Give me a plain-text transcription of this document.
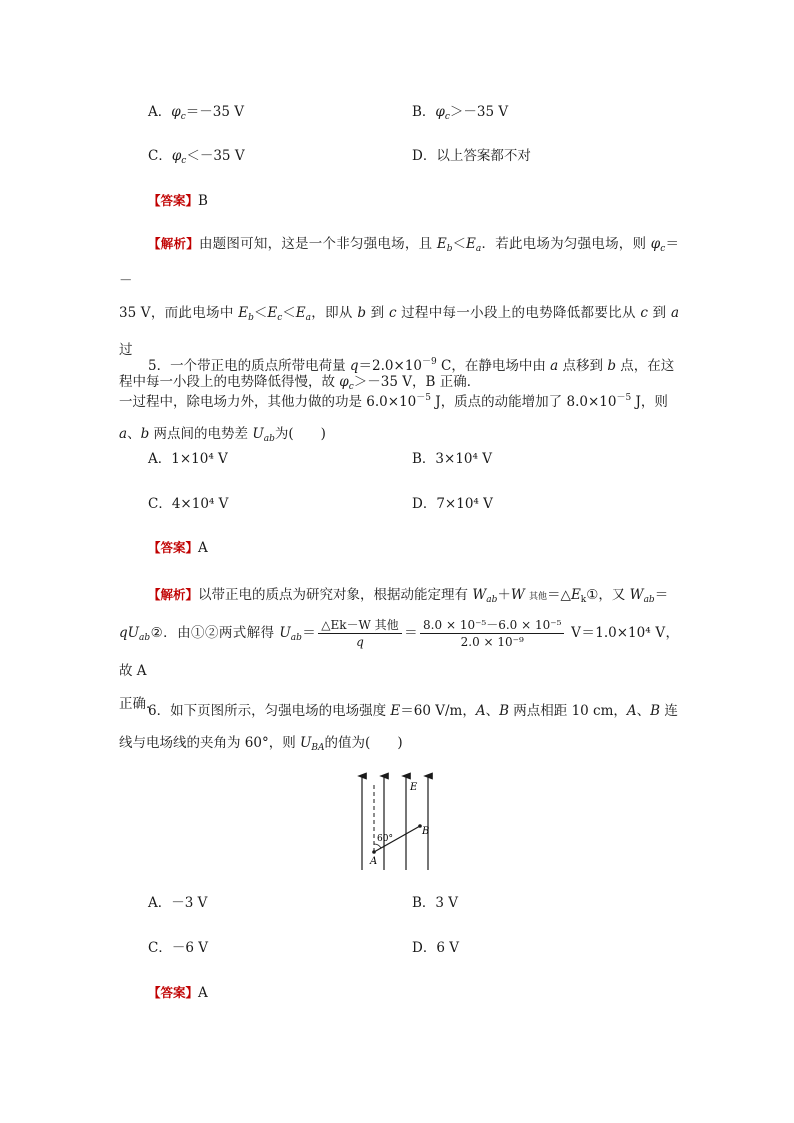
A．$\varphi_c=-35$ V	B．$\varphi_c>-35$ V
C．$\varphi_c<-35$ V	D．以上答案都不对
【答案】B
【解析】由题图可知，这是一个非匀强电场，且 $E_b<E_a$．若此电场为匀强电场，则 $\varphi_c=-$
35 V，而此电场中 $E_b<E_c<E_a$，即从 b 到 c 过程中每一小段上的电势降低都要比从 c 到 a 过
程中每一小段上的电势降低得慢，故 $\varphi_c>-35$ V，B 正确．
5．一个带正电的质点所带电荷量 $q=2.0\times 10^{-9}$ C，在静电场中由 a 点移到 b 点，在这
一过程中，除电场力外，其他力做的功是 $6.0\times 10^{-5}$ J，质点的动能增加了 $8.0\times 10^{-5}$ J，则
a、b 两点间的电势差 $U_{ab}$为(　　)
A．1×10⁴ V	B．3×10⁴ V
C．4×10⁴ V	D．7×10⁴ V
【答案】A
【解析】以带正电的质点为研究对象，根据动能定理有 $W_{ab}+W$ 其他$=\triangle E_k①$，又 $W_{ab}=$
$qU_{ab}②$．由①②两式解得 $U_{ab}= \frac{\text{△Ek－W 其他}}{q} = \frac{\text{8.0 × 10⁻⁵－6.0 × 10⁻⁵}}{\text{2.0 × 10⁻⁹}} V=1.0\times 10^4$ V，故 A
正确．
6．如下页图所示，匀强电场的电场强度 E＝60 V/m，A、B 两点相距 10 cm，A、B 连
线与电场线的夹角为 60°，则 $U_{BA}$的值为(　　)
E
B
A
60°
A．－3 V	B．3 V
C．－6 V	D．6 V
【答案】A
